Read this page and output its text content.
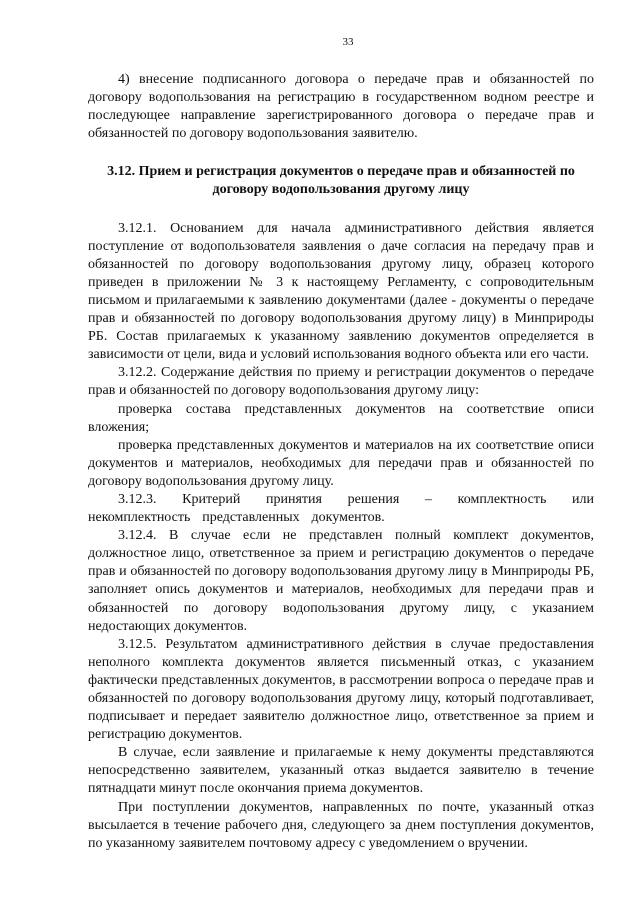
33

4) внесение подписанного договора о передаче прав и обязанностей по договору водопользования на регистрацию в государственном водном реестре и последующее направление зарегистрированного договора о передаче прав и обязанностей по договору водопользования заявителю.

3.12. Прием и регистрация документов о передаче прав и обязанностей по договору водопользования другому лицу

3.12.1. Основанием для начала административного действия является поступление от водопользователя заявления о даче согласия на передачу прав и обязанностей по договору водопользования другому лицу, образец которого приведен в приложении № 3 к настоящему Регламенту, с сопроводительным письмом и прилагаемыми к заявлению документами (далее - документы о передаче прав и обязанностей по договору водопользования другому лицу) в Минприроды РБ. Состав прилагаемых к указанному заявлению документов определяется в зависимости от цели, вида и условий использования водного объекта или его части.

3.12.2. Содержание действия по приему и регистрации документов о передаче прав и обязанностей по договору водопользования другому лицу:

проверка состава представленных документов на соответствие описи вложения;

проверка представленных документов и материалов на их соответствие описи документов и материалов, необходимых для передачи прав и обязанностей по договору водопользования другому лицу.

3.12.3. Критерий принятия решения – комплектность или некомплектность представленных документов.

3.12.4. В случае если не представлен полный комплект документов, должностное лицо, ответственное за прием и регистрацию документов о передаче прав и обязанностей по договору водопользования другому лицу в Минприроды РБ, заполняет опись документов и материалов, необходимых для передачи прав и обязанностей по договору водопользования другому лицу, с указанием недостающих документов.

3.12.5. Результатом административного действия в случае предоставления неполного комплекта документов является письменный отказ, с указанием фактически представленных документов, в рассмотрении вопроса о передаче прав и обязанностей по договору водопользования другому лицу, который подготавливает, подписывает и передает заявителю должностное лицо, ответственное за прием и регистрацию документов.

В случае, если заявление и прилагаемые к нему документы представляются непосредственно заявителем, указанный отказ выдается заявителю в течение пятнадцати минут после окончания приема документов.

При поступлении документов, направленных по почте, указанный отказ высылается в течение рабочего дня, следующего за днем поступления документов, по указанному заявителем почтовому адресу с уведомлением о вручении.
